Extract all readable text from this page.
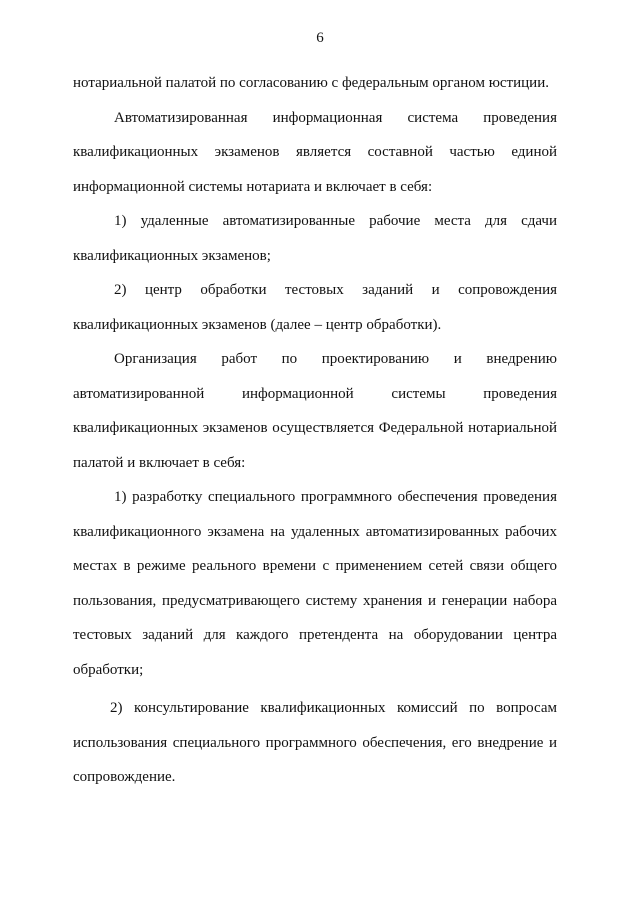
6
нотариальной палатой по согласованию с федеральным органом юстиции.
Автоматизированная информационная система проведения
квалификационных экзаменов является составной частью единой
информационной системы нотариата и включает в себя:
1) удаленные автоматизированные рабочие места для сдачи
квалификационных экзаменов;
2) центр обработки тестовых заданий и сопровождения
квалификационных экзаменов (далее – центр обработки).
Организация работ по проектированию и внедрению
автоматизированной информационной системы проведения
квалификационных экзаменов осуществляется Федеральной нотариальной
палатой и включает в себя:
1) разработку специального программного обеспечения проведения
квалификационного экзамена на удаленных автоматизированных рабочих
местах в режиме реального времени с применением сетей связи общего
пользования, предусматривающего систему хранения и генерации набора
тестовых заданий для каждого претендента на оборудовании центра
обработки;
2) консультирование квалификационных комиссий по вопросам
использования специального программного обеспечения, его внедрение и
сопровождение.
